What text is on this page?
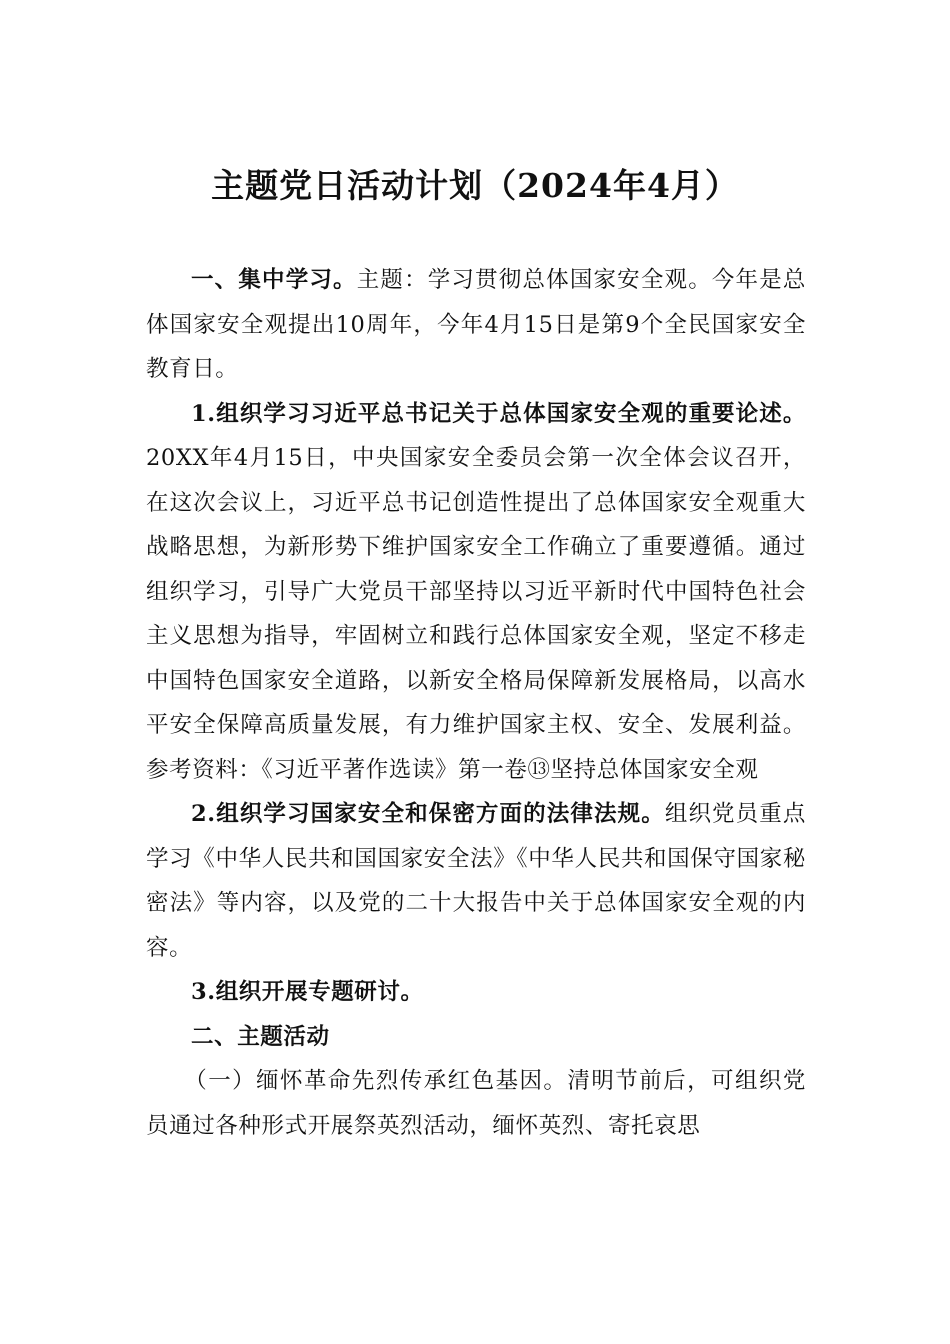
主题党日活动计划（2024年4月）

一、集中学习。主题：学习贯彻总体国家安全观。今年是总体国家安全观提出10周年，今年4月15日是第9个全民国家安全教育日。

1.组织学习习近平总书记关于总体国家安全观的重要论述。20XX年4月15日，中央国家安全委员会第一次全体会议召开，在这次会议上，习近平总书记创造性提出了总体国家安全观重大战略思想，为新形势下维护国家安全工作确立了重要遵循。通过组织学习，引导广大党员干部坚持以习近平新时代中国特色社会主义思想为指导，牢固树立和践行总体国家安全观，坚定不移走中国特色国家安全道路，以新安全格局保障新发展格局，以高水平安全保障高质量发展，有力维护国家主权、安全、发展利益。参考资料：《习近平著作选读》第一卷⑬坚持总体国家安全观

2.组织学习国家安全和保密方面的法律法规。组织党员重点学习《中华人民共和国国家安全法》《中华人民共和国保守国家秘密法》等内容，以及党的二十大报告中关于总体国家安全观的内容。

3.组织开展专题研讨。

二、主题活动

（一）缅怀革命先烈传承红色基因。清明节前后，可组织党员通过各种形式开展祭英烈活动，缅怀英烈、寄托哀思
